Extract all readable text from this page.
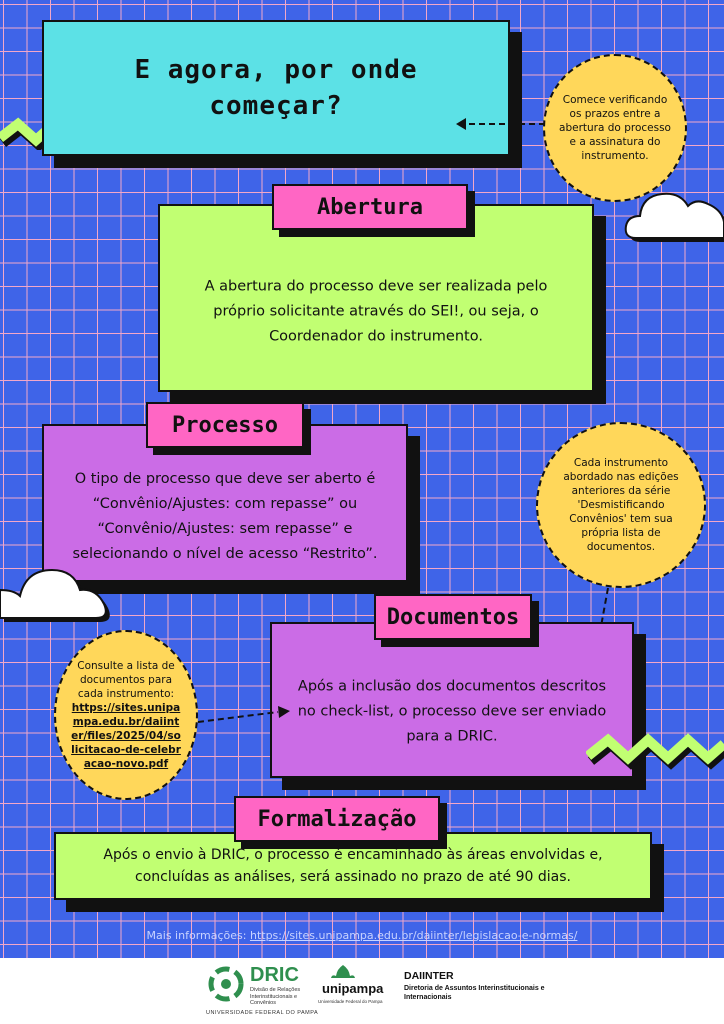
E agora, por onde começar?	Comece verificando os prazos entre a abertura do processo e a assinatura do instrumento.
A abertura do processo deve ser realizada pelo próprio solicitante através do SEI!, ou seja, o Coordenador do instrumento.
Abertura
O tipo de processo que deve ser aberto é “Convênio/Ajustes: com repasse” ou “Convênio/Ajustes: sem repasse” e selecionando o nível de acesso “Restrito”.
Processo
Cada instrumento abordado nas edições anteriores da série 'Desmistificando Convênios' tem sua própria lista de documentos.
Após a inclusão dos documentos descritos no check-list, o processo deve ser enviado para a DRIC.
Documentos
Consulte a lista de documentos para cada instrumento:
https://sites.unipampa.edu.br/daiinter/files/2025/04/solicitacao-de-celebracao-novo.pdf
Após o envio à DRIC, o processo é encaminhado às áreas envolvidas e, concluídas as análises, será assinado no prazo de até 90 dias.
Formalização
Mais informações: https://sites.unipampa.edu.br/daiinter/legislacao-e-normas/
DRIC
Divisão de Relações Interinstitucionais e Convênios
UNIVERSIDADE FEDERAL DO PAMPA
unipampa
Universidade Federal do Pampa
DAIINTER
Diretoria de Assuntos Interinstitucionais e Internacionais
